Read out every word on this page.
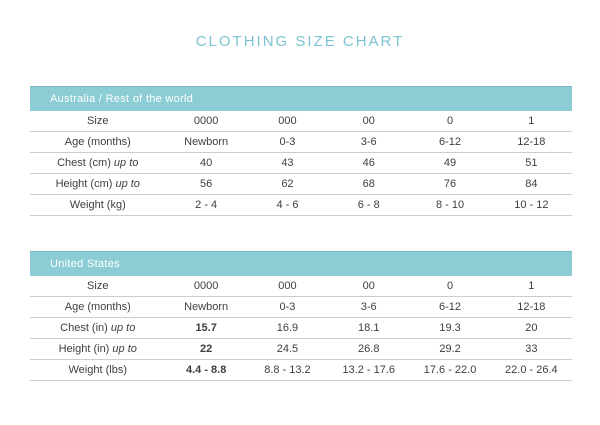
CLOTHING SIZE CHART
Australia / Rest of the world					
Size	0000	000	00	0	1
Age (months)	Newborn	0-3	3-6	6-12	12-18
Chest (cm) up to	40	43	46	49	51
Height (cm) up to	56	62	68	76	84
Weight (kg)	2 - 4	4 - 6	6 - 8	8 - 10	10 - 12
United States					
Size	0000	000	00	0	1
Age (months)	Newborn	0-3	3-6	6-12	12-18
Chest (in) up to	15.7	16.9	18.1	19.3	20
Height (in) up to	22	24.5	26.8	29.2	33
Weight (lbs)	4.4 - 8.8	8.8 - 13.2	13.2 - 17.6	17.6 - 22.0	22.0 - 26.4
